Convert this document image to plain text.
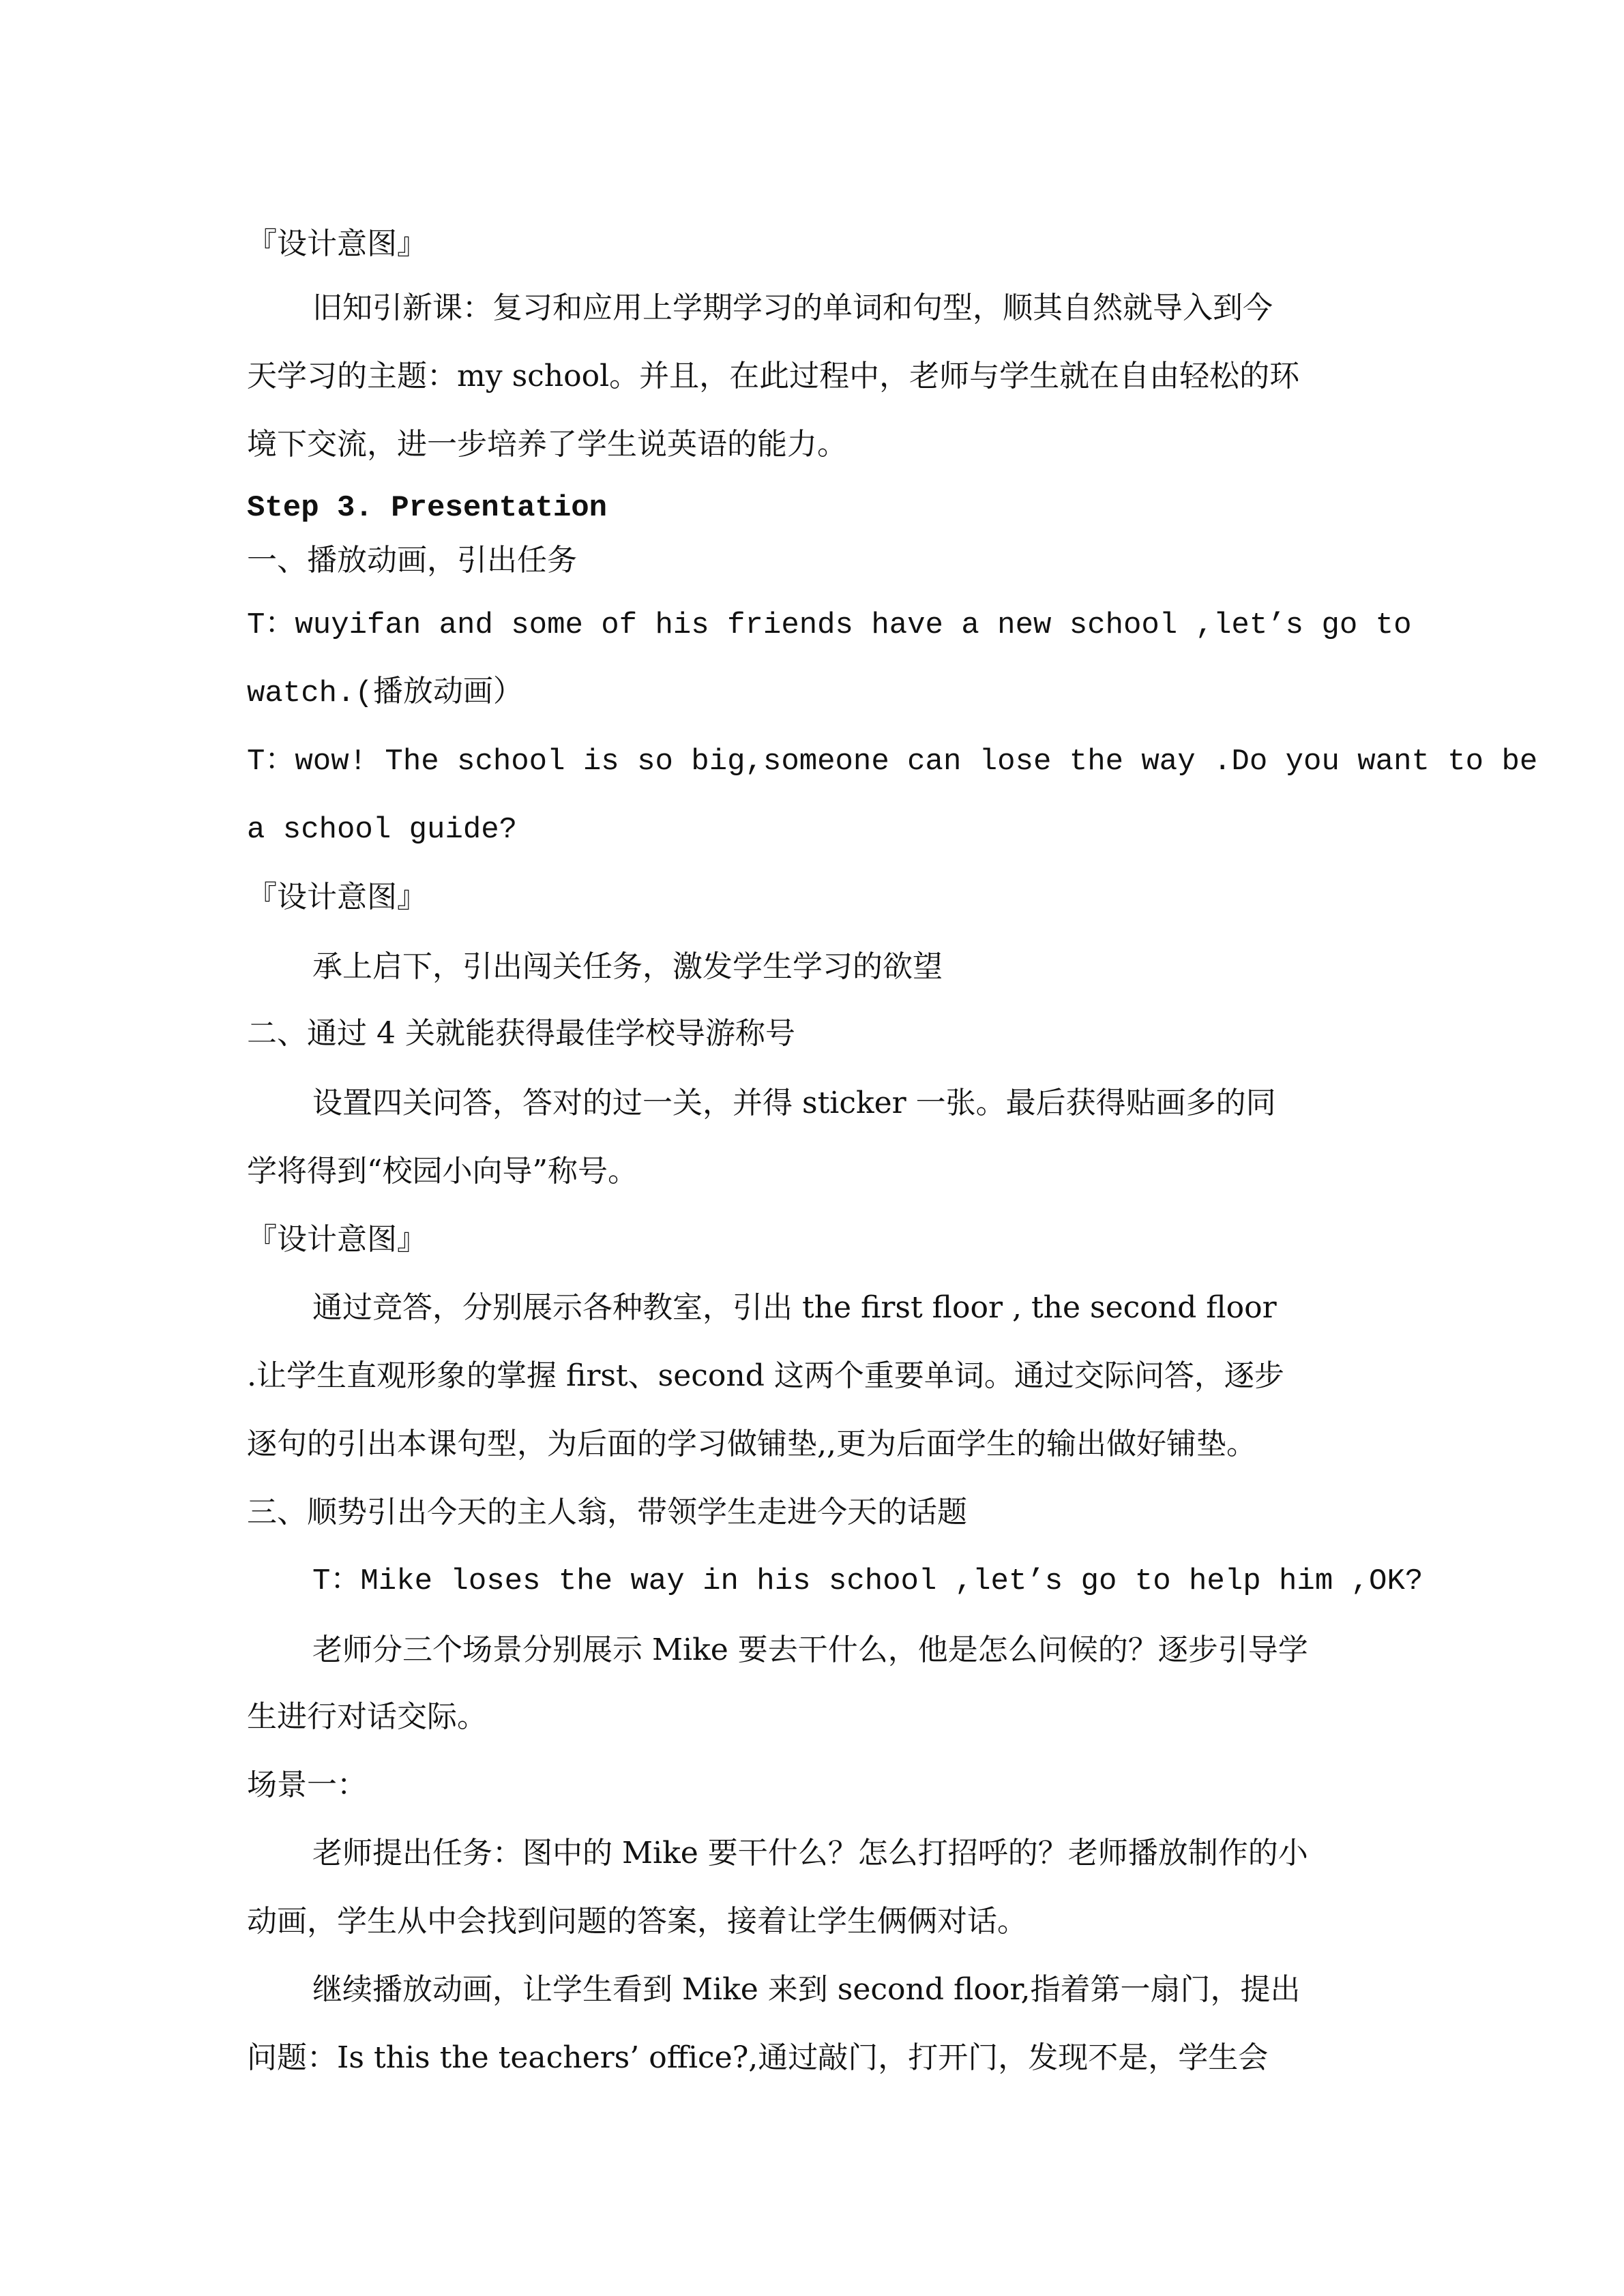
『设计意图』

旧知引新课：复习和应用上学期学习的单词和句型，顺其自然就导入到今

天学习的主题：my school。并且，在此过程中，老师与学生就在自由轻松的环

境下交流，进一步培养了学生说英语的能力。

Step 3. Presentation

一、播放动画，引出任务

T：wuyifan and some of his friends have a new school ,let’s go to

watch.(播放动画）

T：wow! The school is so big,someone can lose the way .Do you want to be

a school guide?

『设计意图』

承上启下，引出闯关任务，激发学生学习的欲望

二、通过 4 关就能获得最佳学校导游称号

设置四关问答，答对的过一关，并得 sticker 一张。最后获得贴画多的同

学将得到“校园小向导”称号。

『设计意图』

通过竞答，分别展示各种教室，引出 the first floor , the second floor

.让学生直观形象的掌握 first、second 这两个重要单词。通过交际问答，逐步

逐句的引出本课句型，为后面的学习做铺垫,,更为后面学生的输出做好铺垫。

三、顺势引出今天的主人翁，带领学生走进今天的话题

T：Mike loses the way in his school ,let’s go to help him ,OK?

老师分三个场景分别展示 Mike 要去干什么，他是怎么问候的？逐步引导学

生进行对话交际。

场景一：

老师提出任务：图中的 Mike 要干什么？怎么打招呼的？老师播放制作的小

动画，学生从中会找到问题的答案，接着让学生俩俩对话。

继续播放动画，让学生看到 Mike 来到 second floor,指着第一扇门，提出

问题：Is this the teachers’ office?,通过敲门，打开门，发现不是，学生会
